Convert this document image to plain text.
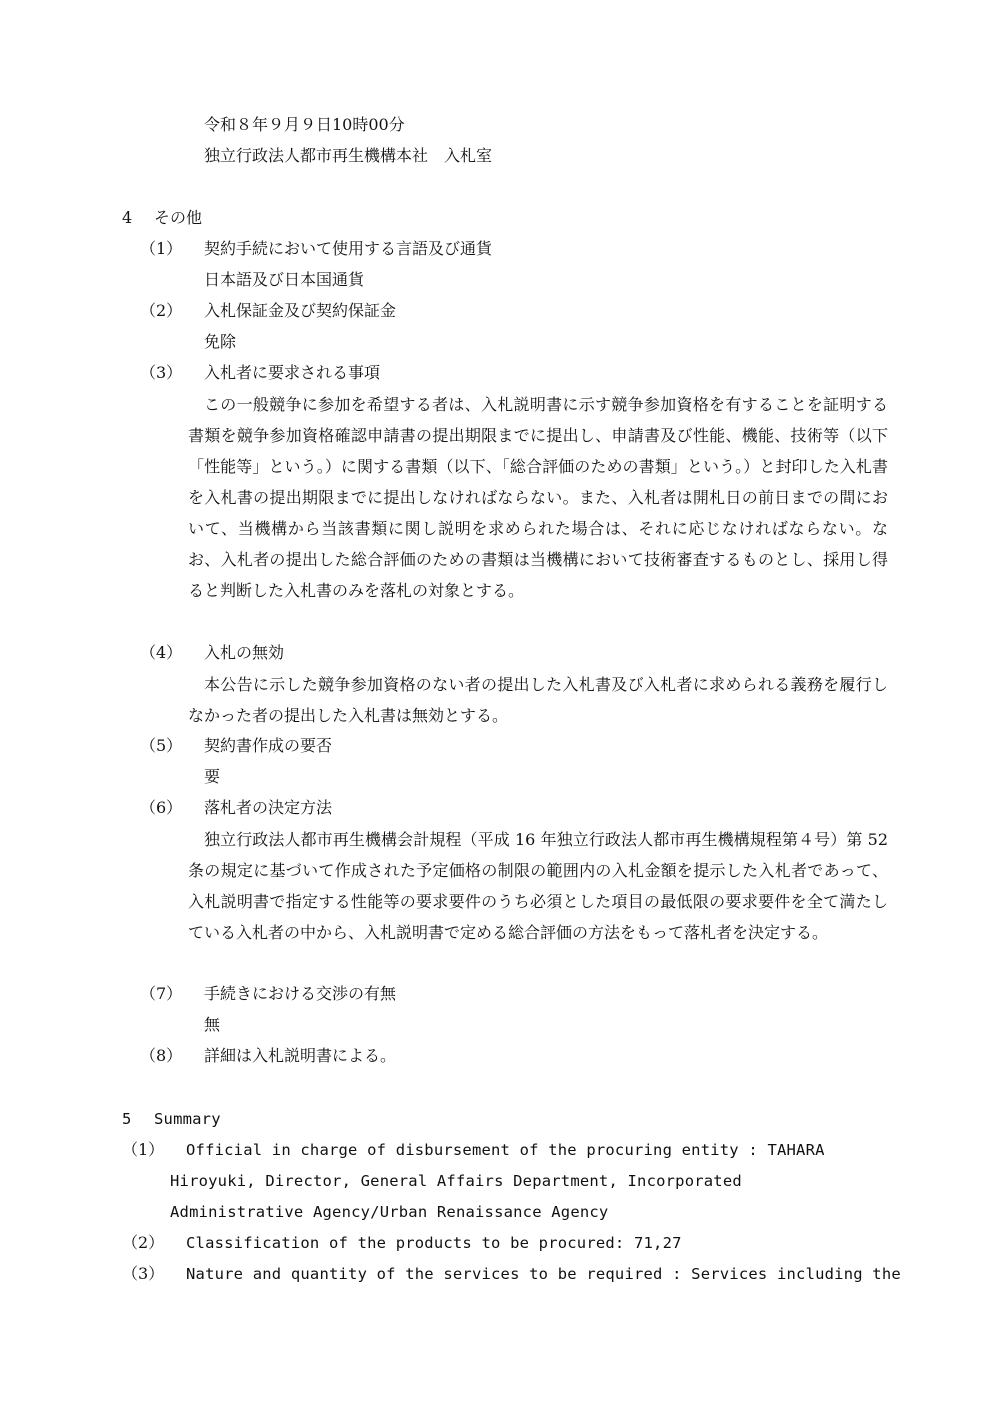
令和８年９月９日10時00分
独立行政法人都市再生機構本社　入札室
4 その他
（1） 契約手続において使用する言語及び通貨
日本語及び日本国通貨
（2） 入札保証金及び契約保証金
免除
（3） 入札者に要求される事項
この一般競争に参加を希望する者は、入札説明書に示す競争参加資格を有することを証明する書類を競争参加資格確認申請書の提出期限までに提出し、申請書及び性能、機能、技術等（以下「性能等」という。）に関する書類（以下、「総合評価のための書類」という。）と封印した入札書を入札書の提出期限までに提出しなければならない。また、入札者は開札日の前日までの間において、当機構から当該書類に関し説明を求められた場合は、それに応じなければならない。なお、入札者の提出した総合評価のための書類は当機構において技術審査するものとし、採用し得ると判断した入札書のみを落札の対象とする。
（4） 入札の無効
本公告に示した競争参加資格のない者の提出した入札書及び入札者に求められる義務を履行しなかった者の提出した入札書は無効とする。
（5） 契約書作成の要否
要
（6） 落札者の決定方法
独立行政法人都市再生機構会計規程（平成 16 年独立行政法人都市再生機構規程第４号）第 52 条の規定に基づいて作成された予定価格の制限の範囲内の入札金額を提示した入札者であって、入札説明書で指定する性能等の要求要件のうち必須とした項目の最低限の要求要件を全て満たしている入札者の中から、入札説明書で定める総合評価の方法をもって落札者を決定する。
（7） 手続きにおける交渉の有無
無
（8） 詳細は入札説明書による。
5 Summary
（1）	Official in charge of disbursement of the procuring entity : TAHARA Hiroyuki, Director, General Affairs Department, Incorporated Administrative Agency/Urban Renaissance Agency
（2） Classification of the products to be procured: 71,27
（3） Nature and quantity of the services to be required : Services including the
